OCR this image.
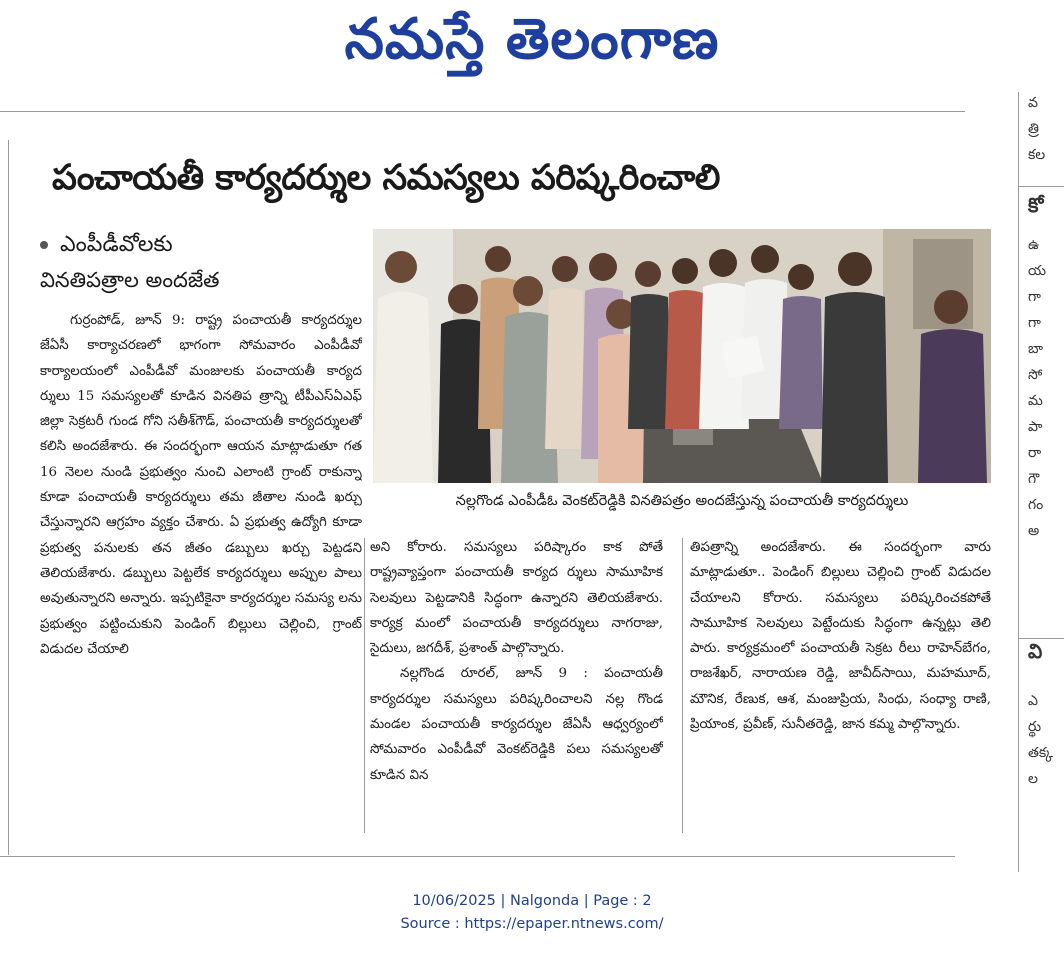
నమస్తే తెలంగాణ
పంచాయతీ కార్యదర్శుల సమస్యలు పరిష్కరించాలి
ఎంపీడీవోలకు
వినతిపత్రాల అందజేత

గుర్రంపోడ్, జూన్ 9: రాష్ట్ర పంచాయతీ కార్యదర్శుల జేఏసీ కార్యాచరణలో భాగంగా సోమవారం ఎంపీడీవో కార్యాలయంలో ఎంపీడీవో మంజులకు పంచాయతీ కార్యద ర్శులు 15 సమస్యలతో కూడిన వినతిప త్రాన్ని టీపీఎస్ఏఎఫ్ జిల్లా సెక్రటరీ గుండ గోని సతీశ్‌గౌడ్, పంచాయతీ కార్యదర్శులతో కలిసి అందజేశారు. ఈ సందర్భంగా ఆయన మాట్లాడుతూ గత 16 నెలల నుండి ప్రభుత్వం నుంచి ఎలాంటి గ్రాంట్ రాకున్నా కూడా పంచాయతీ కార్యదర్శులు తమ జీతాల నుండి ఖర్చు చేస్తున్నారని ఆగ్రహం వ్యక్తం చేశారు. ఏ ప్రభుత్వ ఉద్యోగి కూడా ప్రభుత్వ పనులకు తన జీతం డబ్బులు ఖర్చు పెట్టడని తెలియజేశారు. డబ్బులు పెట్టలేక కార్యదర్శులు అప్పుల పాలు అవుతున్నారని అన్నారు. ఇప్పటికైనా కార్యదర్శుల సమస్య లను ప్రభుత్వం పట్టించుకుని పెండింగ్ బిల్లులు చెల్లించి, గ్రాంట్ విడుదల చేయాలి

నల్లగొండ ఎంపీడీఓ వెంకట్‌రెడ్డికి వినతిపత్రం అందజేస్తున్న పంచాయతీ కార్యదర్శులు

అని కోరారు. సమస్యలు పరిష్కారం కాక పోతే రాష్ట్రవ్యాప్తంగా పంచాయతీ కార్యద ర్శులు సామూహిక సెలవులు పెట్టడానికి సిద్ధంగా ఉన్నారని తెలియజేశారు. కార్యక్ర మంలో పంచాయతీ కార్యదర్శులు నాగరాజు, సైదులు, జగదీశ్, ప్రశాంత్ పాల్గొన్నారు.

నల్లగొండ రూరల్, జూన్ 9 : పంచాయతీ కార్యదర్శుల సమస్యలు పరిష్కరించాలని నల్ల గొండ మండల పంచాయతీ కార్యదర్శుల జేఏసీ ఆధ్వర్యంలో సోమవారం ఎంపీడీవో వెంకట్‌రెడ్డికి పలు సమస్యలతో కూడిన విన

తిపత్రాన్ని అందజేశారు. ఈ సందర్భంగా వారు మాట్లాడుతూ.. పెండింగ్ బిల్లులు చెల్లించి గ్రాంట్ విడుదల చేయాలని కోరారు. సమస్యలు పరిష్కరించకపోతే సామూహిక సెలవులు పెట్టేందుకు సిద్ధంగా ఉన్నట్లు తెలి పారు. కార్యక్రమంలో పంచాయతీ సెక్రట రీలు రాహెన్‌బేగం, రాజశేఖర్, నారాయణ రెడ్డి, జావీద్‌సాయి, మహమూద్, మౌనిక, రేణుక, ఆశ, మంజుప్రియ, సింధు, సంధ్యా రాణి, ప్రియాంక, ప్రవీణ్, సునీతరెడ్డి, జాన కమ్మ పాల్గొన్నారు.

వ
త్రి
కల
కో
ఉ
య
గా
గా
బా
సో
మ
పా
రా
గౌ
గం
అ
వి
ఎ
ర్థు
తక్క
ల
10/06/2025 | Nalgonda | Page : 2
Source : https://epaper.ntnews.com/
